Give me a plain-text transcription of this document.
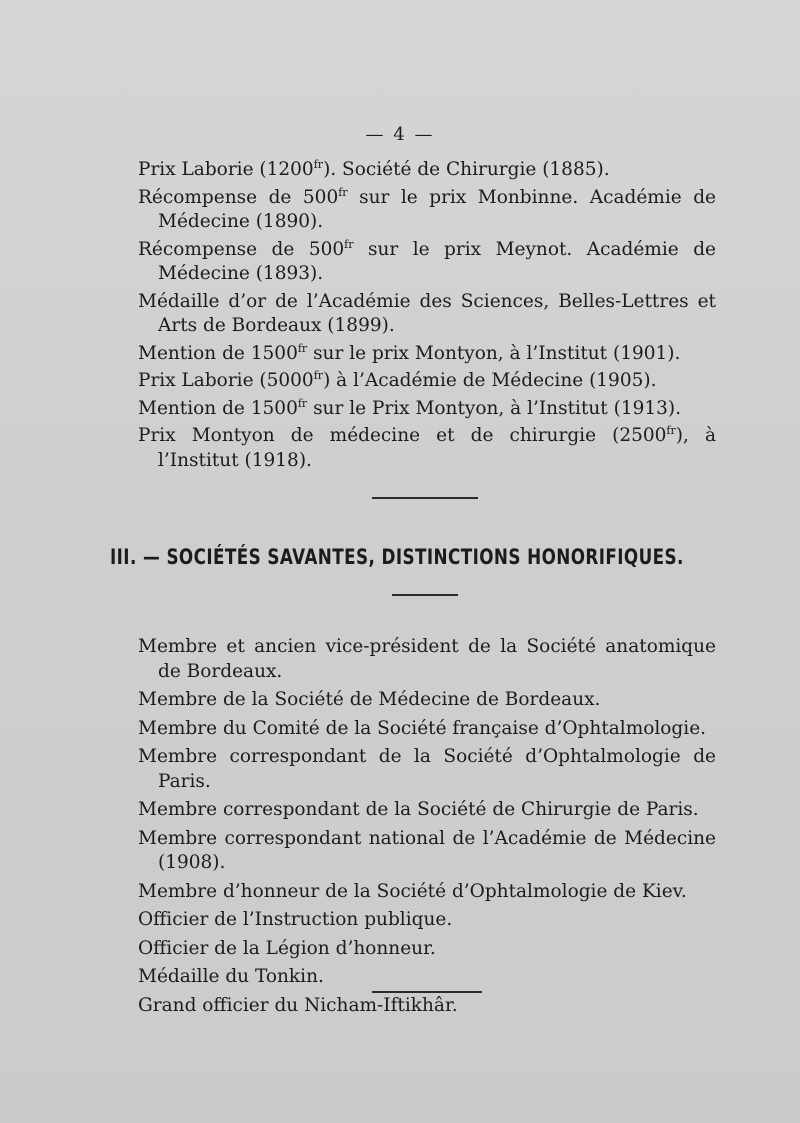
— 4 —
Prix Laborie $(1200^{fr})$. Société de Chirurgie (1885).
Récompense de $500^{fr}$ sur le prix Monbinne. Académie de Médecine (1890).
Récompense de $500^{fr}$ sur le prix Meynot. Académie de Médecine (1893).
Médaille d’or de l’Académie des Sciences, Belles-Lettres et Arts de Bordeaux (1899).
Mention de $1500^{fr}$ sur le prix Montyon, à l’Institut (1901).
Prix Laborie $(5000^{fr})$ à l’Académie de Médecine (1905).
Mention de $1500^{fr}$ sur le Prix Montyon, à l’Institut (1913).
Prix Montyon de médecine et de chirurgie $(2500^{fr})$, à l’Institut (1918).
III. — SOCIÉTÉS SAVANTES, DISTINCTIONS HONORIFIQUES.
Membre et ancien vice-président de la Société anatomique de Bordeaux.
Membre de la Société de Médecine de Bordeaux.
Membre du Comité de la Société française d’Ophtalmologie.
Membre correspondant de la Société d’Ophtalmologie de Paris.
Membre correspondant de la Société de Chirurgie de Paris.
Membre correspondant national de l’Académie de Médecine (1908).
Membre d’honneur de la Société d’Ophtalmologie de Kiev.
Officier de l’Instruction publique.
Officier de la Légion d’honneur.
Médaille du Tonkin.
Grand officier du Nicham-Iftikhâr.
